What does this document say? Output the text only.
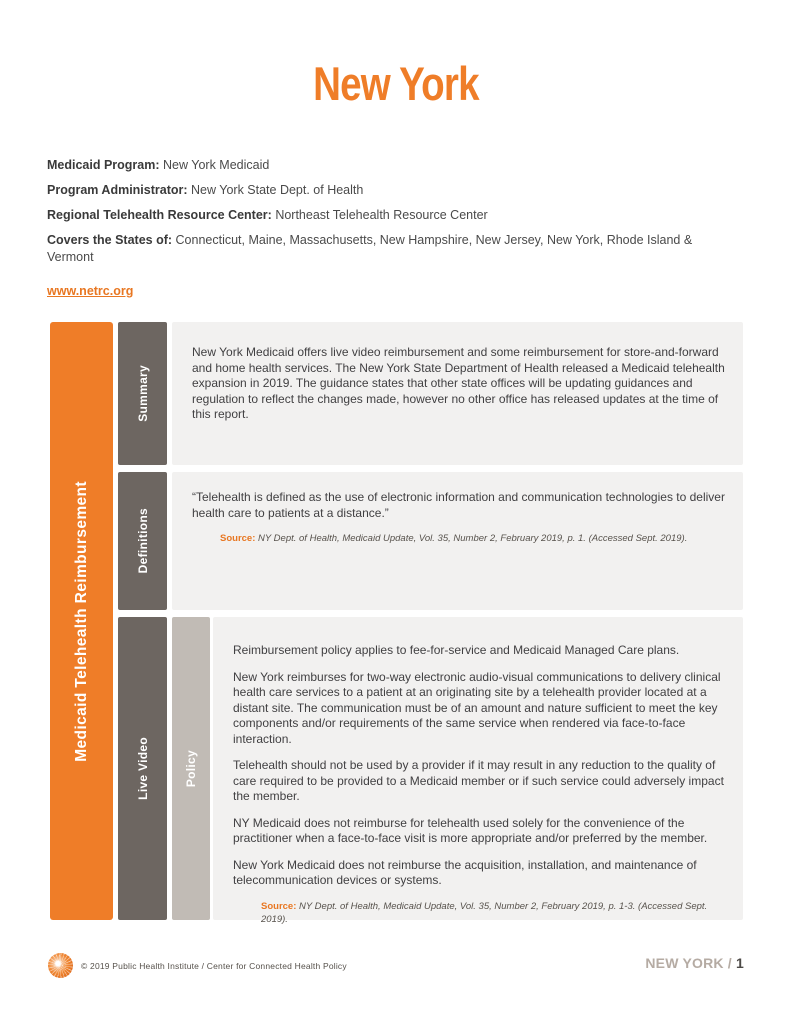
New York
Medicaid Program: New York Medicaid
Program Administrator: New York State Dept. of Health
Regional Telehealth Resource Center: Northeast Telehealth Resource Center
Covers the States of: Connecticut, Maine, Massachusetts, New Hampshire, New Jersey, New York, Rhode Island & Vermont
www.netrc.org
Medicaid Telehealth Reimbursement
Summary

New York Medicaid offers live video reimbursement and some reimbursement for store-and-forward and home health services. The New York State Department of Health released a Medicaid telehealth expansion in 2019. The guidance states that other state offices will be updating guidances and regulation to reflect the changes made, however no other office has released updates at the time of this report.

Definitions

“Telehealth is defined as the use of electronic information and communication technologies to deliver health care to patients at a distance.”

Source: NY Dept. of Health, Medicaid Update, Vol. 35, Number 2, February 2019, p. 1. (Accessed Sept. 2019).
Live Video	Policy

Reimbursement policy applies to fee-for-service and Medicaid Managed Care plans.

New York reimburses for two-way electronic audio-visual communications to delivery clinical health care services to a patient at an originating site by a telehealth provider located at a distant site. The communication must be of an amount and nature sufficient to meet the key components and/or requirements of the same service when rendered via face-to-face interaction.

Telehealth should not be used by a provider if it may result in any reduction to the quality of care required to be provided to a Medicaid member or if such service could adversely impact the member.

NY Medicaid does not reimburse for telehealth used solely for the convenience of the practitioner when a face-to-face visit is more appropriate and/or preferred by the member.

New York Medicaid does not reimburse the acquisition, installation, and maintenance of telecommunication devices or systems.

Source: NY Dept. of Health, Medicaid Update, Vol. 35, Number 2, February 2019, p. 1-3. (Accessed Sept. 2019).
© 2019 Public Health Institute / Center for Connected Health Policy	NEW YORK / 1
